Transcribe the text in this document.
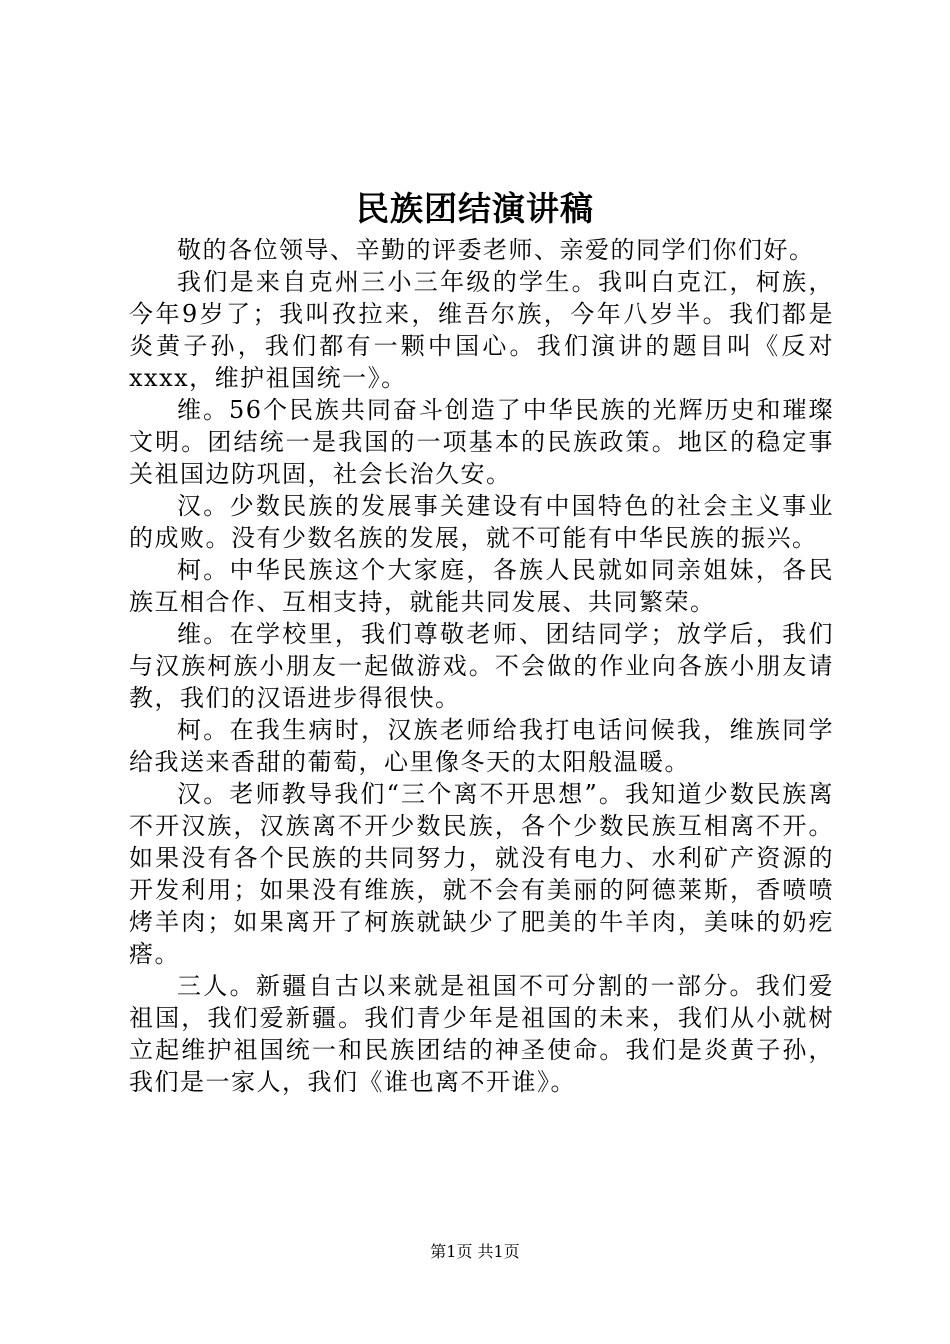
民族团结演讲稿

敬的各位领导、辛勤的评委老师、亲爱的同学们你们好。

我们是来自克州三小三年级的学生。我叫白克江，柯族，今年9岁了；我叫孜拉来，维吾尔族，今年八岁半。我们都是炎黄子孙，我们都有一颗中国心。我们演讲的题目叫《反对xxxx，维护祖国统一》。

维。56个民族共同奋斗创造了中华民族的光辉历史和璀璨文明。团结统一是我国的一项基本的民族政策。地区的稳定事关祖国边防巩固，社会长治久安。

汉。少数民族的发展事关建设有中国特色的社会主义事业的成败。没有少数名族的发展，就不可能有中华民族的振兴。

柯。中华民族这个大家庭，各族人民就如同亲姐妹，各民族互相合作、互相支持，就能共同发展、共同繁荣。

维。在学校里，我们尊敬老师、团结同学；放学后，我们与汉族柯族小朋友一起做游戏。不会做的作业向各族小朋友请教，我们的汉语进步得很快。

柯。在我生病时，汉族老师给我打电话问候我，维族同学给我送来香甜的葡萄，心里像冬天的太阳般温暖。

汉。老师教导我们“三个离不开思想”。我知道少数民族离不开汉族，汉族离不开少数民族，各个少数民族互相离不开。如果没有各个民族的共同努力，就没有电力、水利矿产资源的开发利用；如果没有维族，就不会有美丽的阿德莱斯，香喷喷烤羊肉；如果离开了柯族就缺少了肥美的牛羊肉，美味的奶疙瘩。

三人。新疆自古以来就是祖国不可分割的一部分。我们爱祖国，我们爱新疆。我们青少年是祖国的未来，我们从小就树立起维护祖国统一和民族团结的神圣使命。我们是炎黄子孙，我们是一家人，我们《谁也离不开谁》。

第1页 共1页
